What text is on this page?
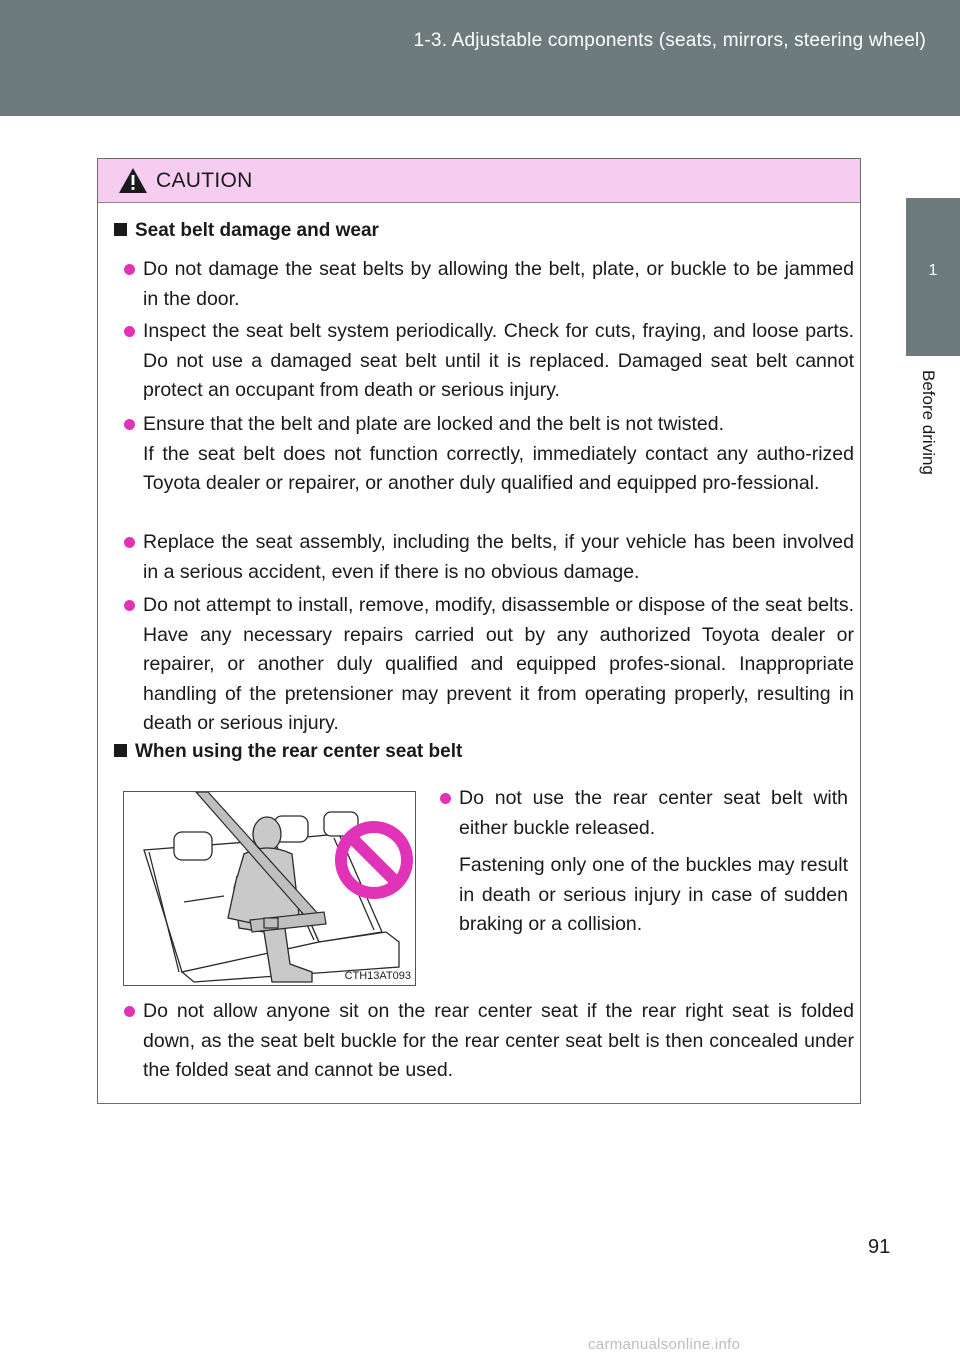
1-3. Adjustable components (seats, mirrors, steering wheel)
1
Before driving
CAUTION
Seat belt damage and wear

Do not damage the seat belts by allowing the belt, plate, or buckle to be jammed in the door.

Inspect the seat belt system periodically. Check for cuts, fraying, and loose parts. Do not use a damaged seat belt until it is replaced. Damaged seat belt cannot protect an occupant from death or serious injury.

Ensure that the belt and plate are locked and the belt is not twisted.

If the seat belt does not function correctly, immediately contact any autho-rized Toyota dealer or repairer, or another duly qualified and equipped pro-fessional.

Replace the seat assembly, including the belts, if your vehicle has been involved in a serious accident, even if there is no obvious damage.

Do not attempt to install, remove, modify, disassemble or dispose of the seat belts. Have any necessary repairs carried out by any authorized Toyota dealer or repairer, or another duly qualified and equipped profes-sional. Inappropriate handling of the pretensioner may prevent it from operating properly, resulting in death or serious injury.

When using the rear center seat belt
CTH13AT093

Do not use the rear center seat belt with either buckle released.

Fastening only one of the buckles may result in death or serious injury in case of sudden braking or a collision.

Do not allow anyone sit on the rear center seat if the rear right seat is folded down, as the seat belt buckle for the rear center seat belt is then concealed under the folded seat and cannot be used.

91
carmanualsonline.info
